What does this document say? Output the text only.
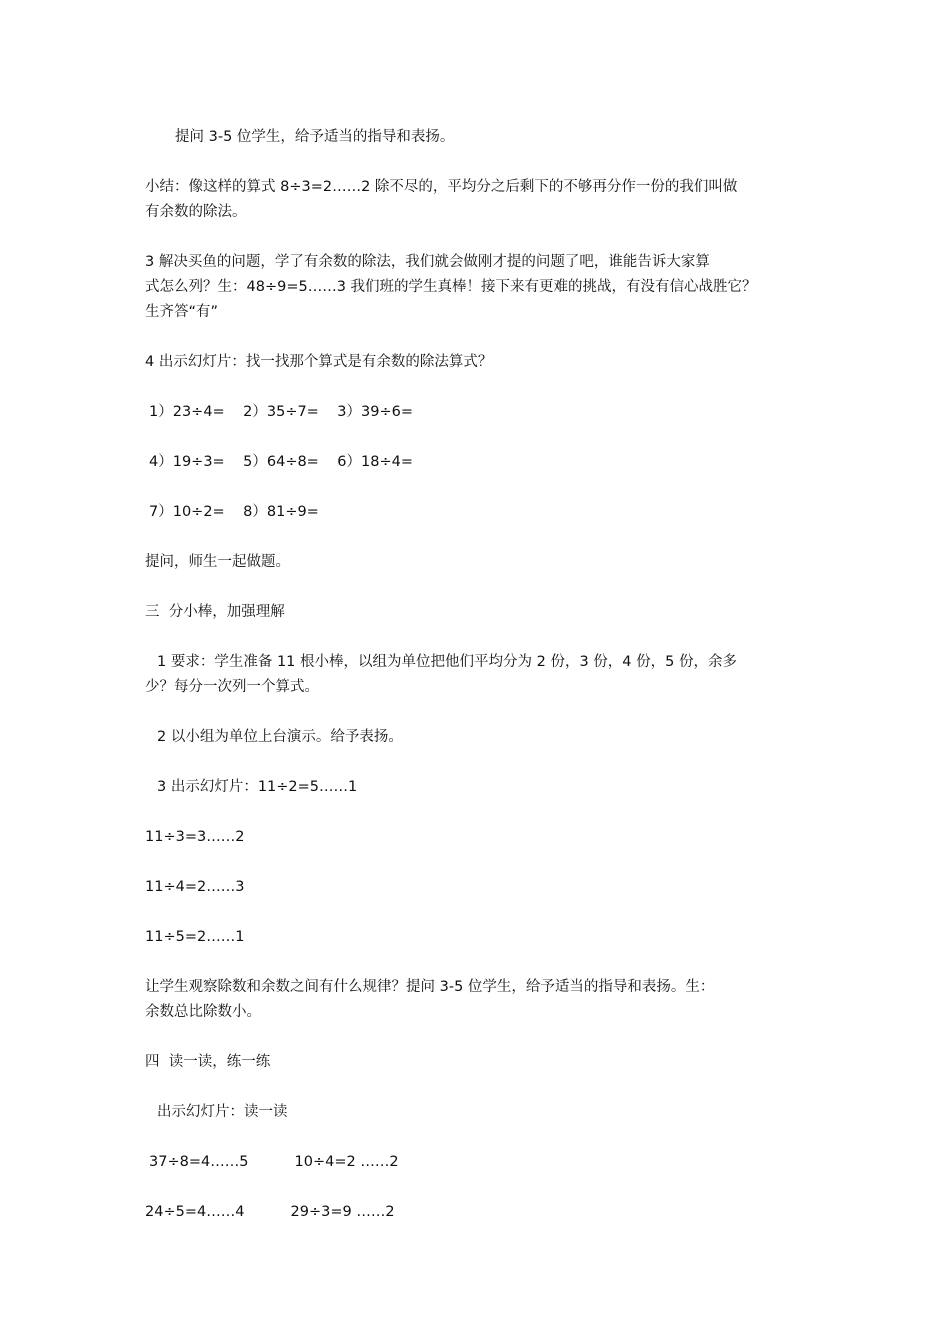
提问 3-5 位学生，给予适当的指导和表扬。
小结：像这样的算式 8÷3=2……2 除不尽的，平均分之后剩下的不够再分作一份的我们叫做
有余数的除法。
3 解决买鱼的问题，学了有余数的除法，我们就会做刚才提的问题了吧，谁能告诉大家算
式怎么列？生：48÷9=5……3 我们班的学生真棒！接下来有更难的挑战，有没有信心战胜它？
生齐答“有”
4 出示幻灯片：找一找那个算式是有余数的除法算式？
1）23÷4=    2）35÷7=    3）39÷6=
4）19÷3=    5）64÷8=    6）18÷4=
7）10÷2=    8）81÷9=
提问，师生一起做题。
三  分小棒，加强理解
1 要求：学生准备 11 根小棒，以组为单位把他们平均分为 2 份，3 份，4 份，5 份，余多
少？每分一次列一个算式。
2 以小组为单位上台演示。给予表扬。
3 出示幻灯片：11÷2=5……1
11÷3=3……2
11÷4=2……3
11÷5=2……1
让学生观察除数和余数之间有什么规律？提问 3-5 位学生，给予适当的指导和表扬。生：
余数总比除数小。
四  读一读，练一练
出示幻灯片：读一读
37÷8=4……5          10÷4=2 ……2
24÷5=4……4          29÷3=9 ……2
